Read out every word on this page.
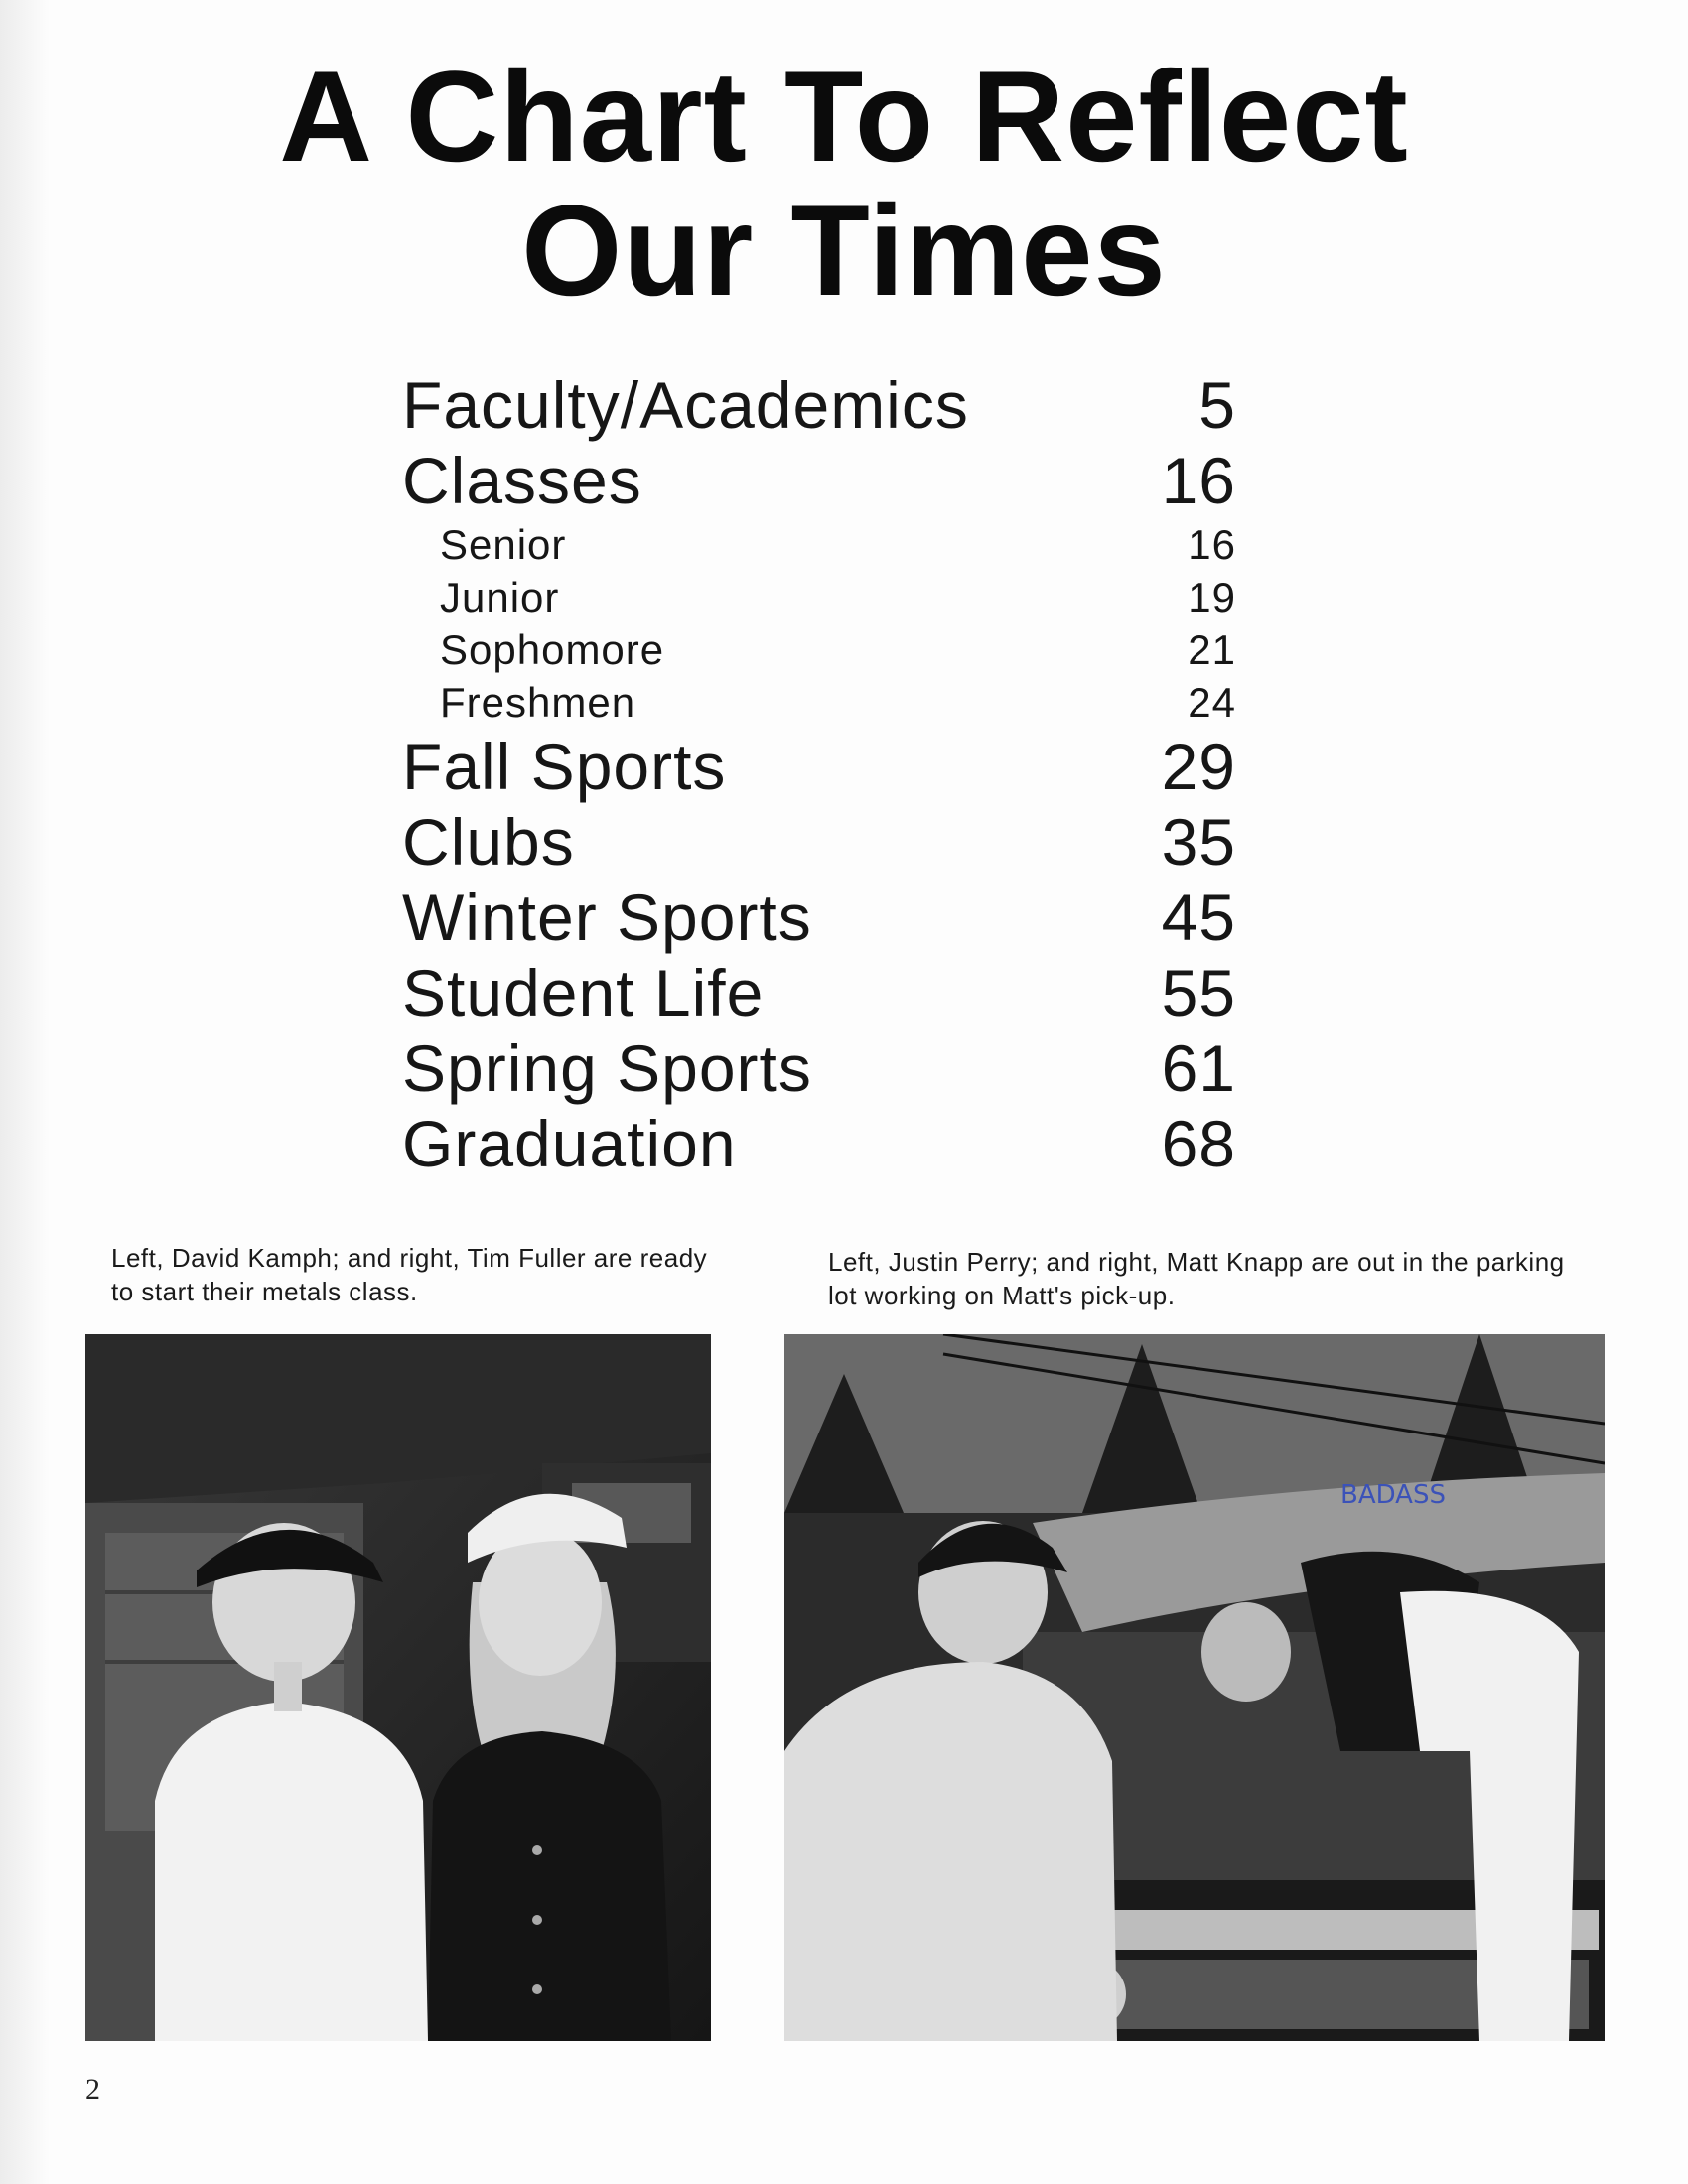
A Chart To Reflect
Our Times
Faculty/Academics	5
Classes	16
Senior	16
Junior	19
Sophomore	21
Freshmen	24
Fall Sports	29
Clubs	35
Winter Sports	45
Student Life	55
Spring Sports	61
Graduation	68
Left, David Kamph; and right, Tim Fuller are ready to start their metals class.
Left, Justin Perry; and right, Matt Knapp are out in the parking lot working on Matt's pick-up.
BADASS
2
